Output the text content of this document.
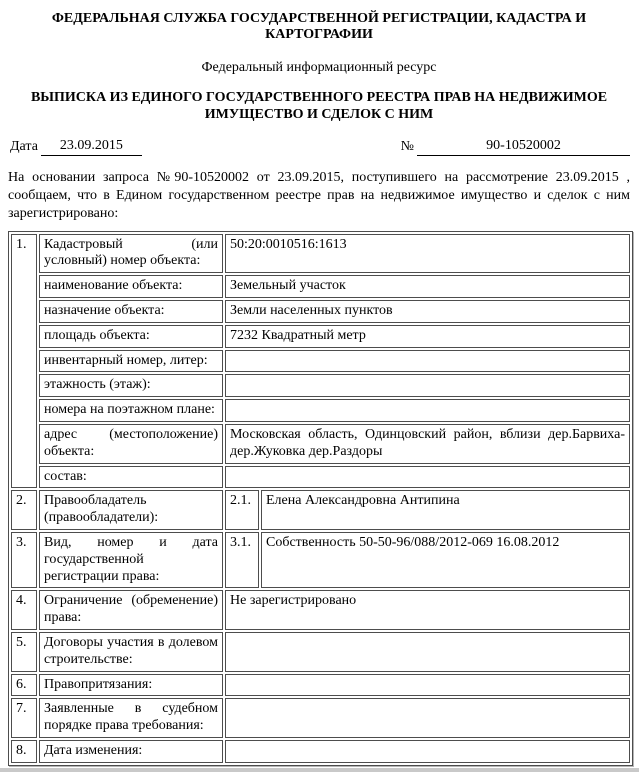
ФЕДЕРАЛЬНАЯ СЛУЖБА ГОСУДАРСТВЕННОЙ РЕГИСТРАЦИИ, КАДАСТРА И
КАРТОГРАФИИ
Федеральный информационный ресурс
ВЫПИСКА ИЗ ЕДИНОГО ГОСУДАРСТВЕННОГО РЕЕСТРА ПРАВ НА НЕДВИЖИМОЕ
ИМУЩЕСТВО И СДЕЛОК С НИМ
Дата	23.09.2015	№	90-10520002

На основании запроса №90-10520002 от 23.09.2015, поступившего на рассмотрение 23.09.2015 , сообщаем, что в Едином государственном реестре прав на недвижимое имущество и сделок с ним зарегистрировано:

1.	Кадастровый (или условный) номер объекта:	50:20:0010516:1613	
	наименование объекта:	Земельный участок	
	назначение объекта:	Земли населенных пунктов	
	площадь объекта:	7232 Квадратный метр	
	инвентарный номер, литер:		
	этажность (этаж):		
	номера на поэтажном плане:		
	адрес (местоположение) объекта:	Московская область, Одинцовский район, вблизи дер.Барвиха-дер.Жуковка дер.Раздоры	
	состав:		
2.	Правообладатель (правообладатели):	2.1.	Елена Александровна Антипина
3.	Вид, номер и дата государственной регистрации права:	3.1.	Собственность 50-50-96/088/2012-069 16.08.2012
4.	Ограничение (обременение) права:	Не зарегистрировано	
5.	Договоры участия в долевом строительстве:		
6.	Правопритязания:		
7.	Заявленные в судебном порядке права требования:		
8.	Дата изменения:		
